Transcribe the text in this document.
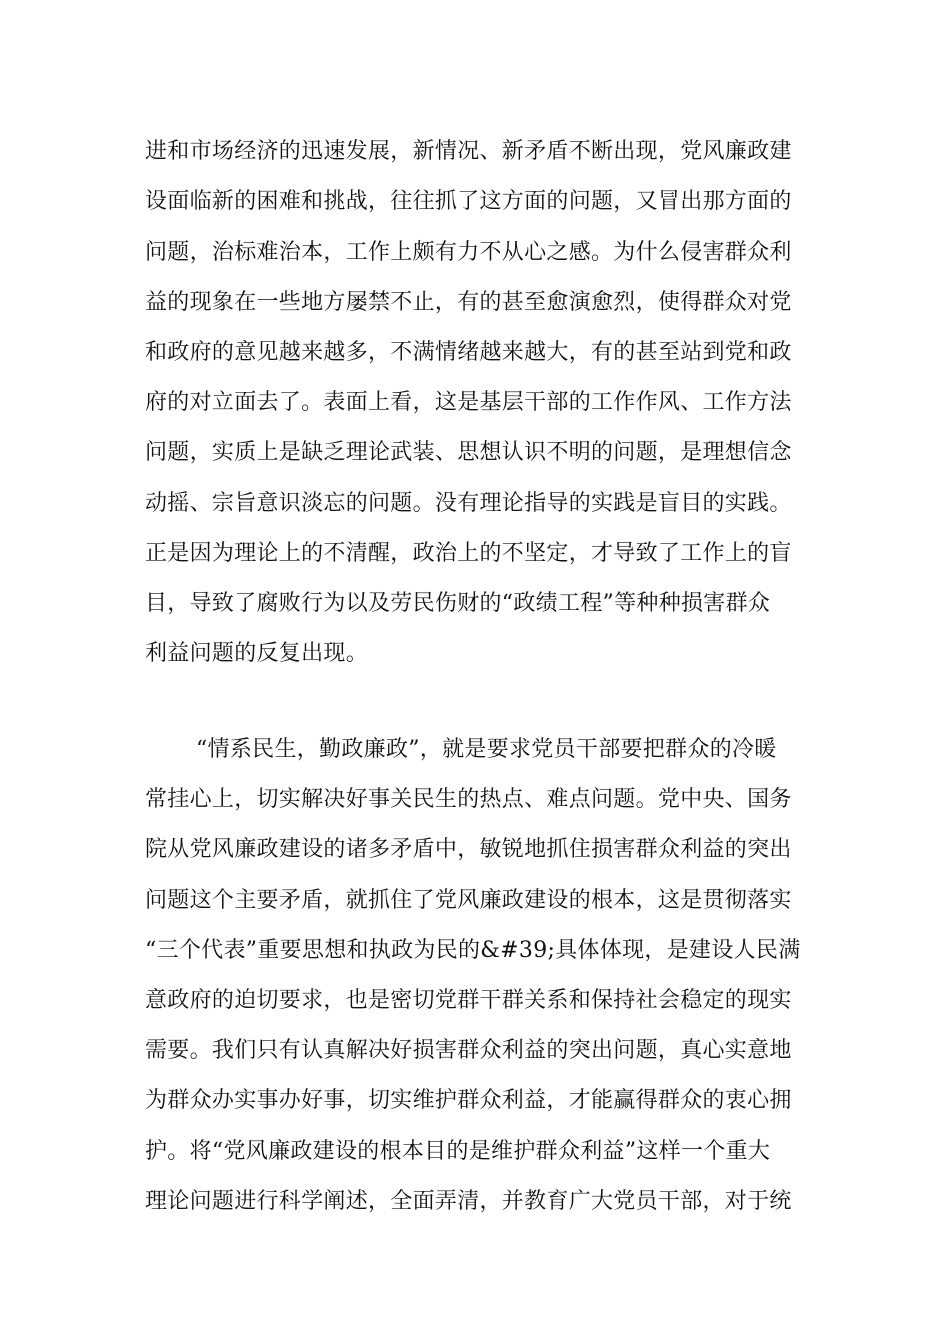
进和市场经济的迅速发展，新情况、新矛盾不断出现，党风廉政建
设面临新的困难和挑战，往往抓了这方面的问题，又冒出那方面的
问题，治标难治本，工作上颇有力不从心之感。为什么侵害群众利
益的现象在一些地方屡禁不止，有的甚至愈演愈烈，使得群众对党
和政府的意见越来越多，不满情绪越来越大，有的甚至站到党和政
府的对立面去了。表面上看，这是基层干部的工作作风、工作方法
问题，实质上是缺乏理论武装、思想认识不明的问题，是理想信念
动摇、宗旨意识淡忘的问题。没有理论指导的实践是盲目的实践。
正是因为理论上的不清醒，政治上的不坚定，才导致了工作上的盲
目，导致了腐败行为以及劳民伤财的“政绩工程”等种种损害群众
利益问题的反复出现。
“情系民生，勤政廉政”，就是要求党员干部要把群众的冷暖
常挂心上，切实解决好事关民生的热点、难点问题。党中央、国务
院从党风廉政建设的诸多矛盾中，敏锐地抓住损害群众利益的突出
问题这个主要矛盾，就抓住了党风廉政建设的根本，这是贯彻落实
“三个代表”重要思想和执政为民的&#39;具体体现，是建设人民满
意政府的迫切要求，也是密切党群干群关系和保持社会稳定的现实
需要。我们只有认真解决好损害群众利益的突出问题，真心实意地
为群众办实事办好事，切实维护群众利益，才能赢得群众的衷心拥
护。将“党风廉政建设的根本目的是维护群众利益”这样一个重大
理论问题进行科学阐述，全面弄清，并教育广大党员干部，对于统
